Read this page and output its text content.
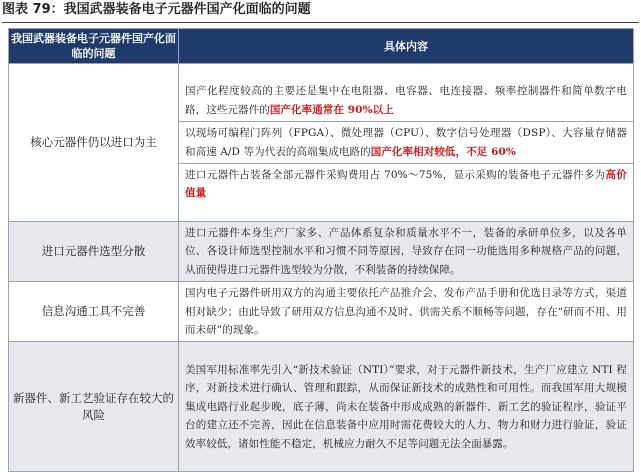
图表 79：我国武器装备电子元器件国产化面临的问题
我国武器装备电子元器件国产化面临的问题	具体内容
核心元器件仍以进口为主	国产化程度较高的主要还是集中在电阻器、电容器、电连接器、频率控制器件和简单数字电路，这些元器件的国产化率通常在 90%以上
以现场可编程门阵列（FPGA）、微处理器（CPU）、数字信号处理器（DSP）、大容量存储器和高速 A/D 等为代表的高端集成电路的国产化率相对较低，不足 60%
进口元器件占装备全部元器件采购费用占 70%～75%，显示采购的装备电子元器件多为高价值量

进口元器件选型分散	进口元器件本身生产厂家多、产品体系复杂和质量水平不一，装备的承研单位多，以及各单位、各设计师选型控制水平和习惯不同等原因，导致存在同一功能选用多种规格产品的问题，从而使得进口元器件选型较为分散，不利装备的持续保障。

信息沟通工具不完善	国内电子元器件研用双方的沟通主要依托产品推介会、发布产品手册和优选目录等方式，渠道相对缺少；由此导致了研用双方信息沟通不及时、供需关系不顺畅等问题，存在“研而不用、用而未研”的现象。

新器件、新工艺验证存在较大的风险	美国军用标准率先引入“新技术验证（NTI）”要求，对于元器件新技术，生产厂应建立 NTI 程序，对新技术进行确认、管理和跟踪，从而保证新技术的成熟性和可用性。而我国军用大规模集成电路行业起步晚，底子薄，尚未在装备中形成成熟的新器件、新工艺的验证程序，验证平台的建立还不完善，因此在信息装备中应用时需花费较大的人力、物力和财力进行验证，验证效率较低，诸如性能不稳定，机械应力耐久不足等问题无法全面暴露。
